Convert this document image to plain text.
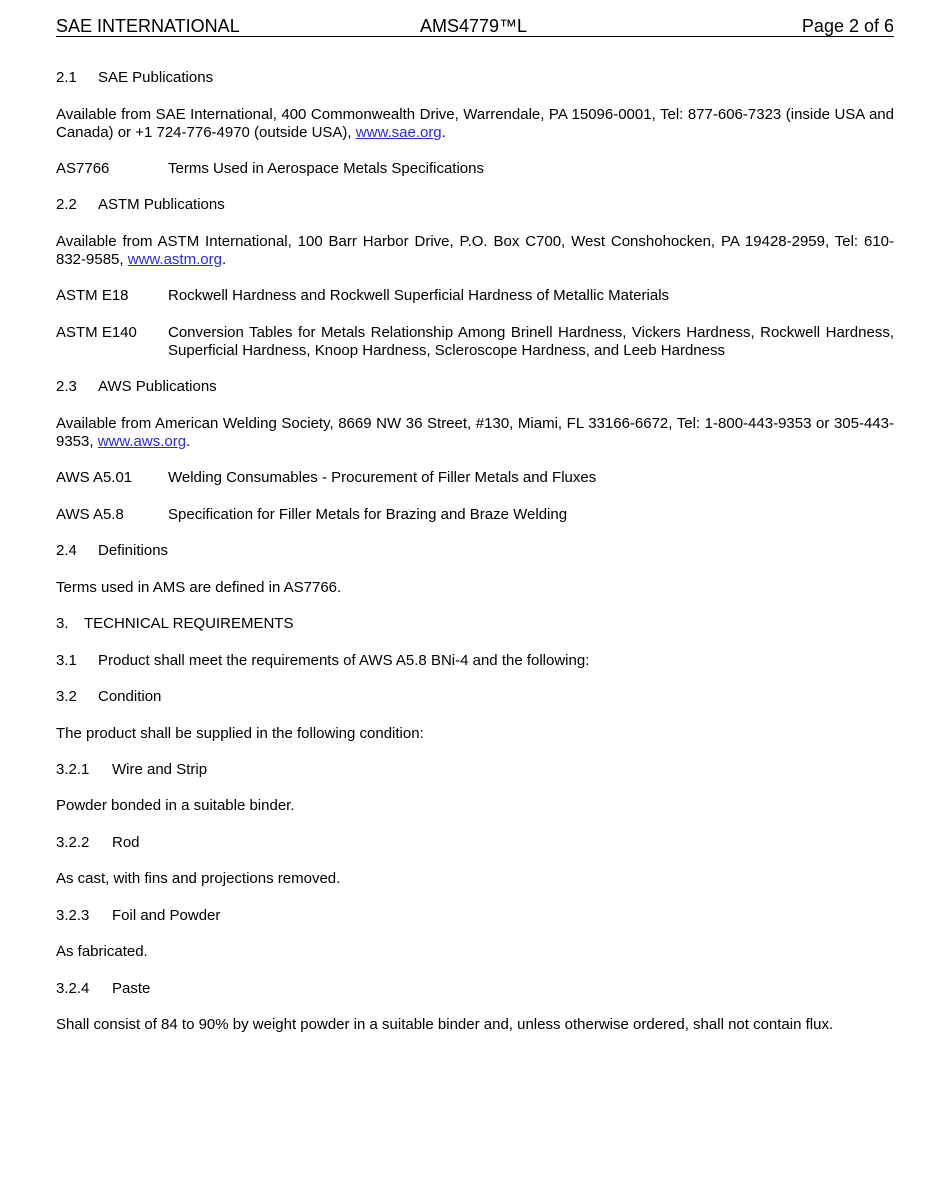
SAE INTERNATIONAL	AMS4779™L	Page 2 of 6
2.1 SAE Publications
Available from SAE International, 400 Commonwealth Drive, Warrendale, PA 15096-0001, Tel: 877-606-7323 (inside USA and Canada) or +1 724-776-4970 (outside USA), www.sae.org.
AS7766	Terms Used in Aerospace Metals Specifications
2.2 ASTM Publications
Available from ASTM International, 100 Barr Harbor Drive, P.O. Box C700, West Conshohocken, PA 19428-2959, Tel: 610-832-9585, www.astm.org.
ASTM E18	Rockwell Hardness and Rockwell Superficial Hardness of Metallic Materials
ASTM E140	Conversion Tables for Metals Relationship Among Brinell Hardness, Vickers Hardness, Rockwell Hardness, Superficial Hardness, Knoop Hardness, Scleroscope Hardness, and Leeb Hardness
2.3 AWS Publications
Available from American Welding Society, 8669 NW 36 Street, #130, Miami, FL 33166-6672, Tel: 1-800-443-9353 or 305-443-9353, www.aws.org.
AWS A5.01	Welding Consumables - Procurement of Filler Metals and Fluxes
AWS A5.8	Specification for Filler Metals for Brazing and Braze Welding
2.4 Definitions
Terms used in AMS are defined in AS7766.
3. TECHNICAL REQUIREMENTS
3.1 Product shall meet the requirements of AWS A5.8 BNi-4 and the following:
3.2 Condition
The product shall be supplied in the following condition:
3.2.1 Wire and Strip
Powder bonded in a suitable binder.
3.2.2 Rod
As cast, with fins and projections removed.
3.2.3 Foil and Powder
As fabricated.
3.2.4 Paste
Shall consist of 84 to 90% by weight powder in a suitable binder and, unless otherwise ordered, shall not contain flux.
